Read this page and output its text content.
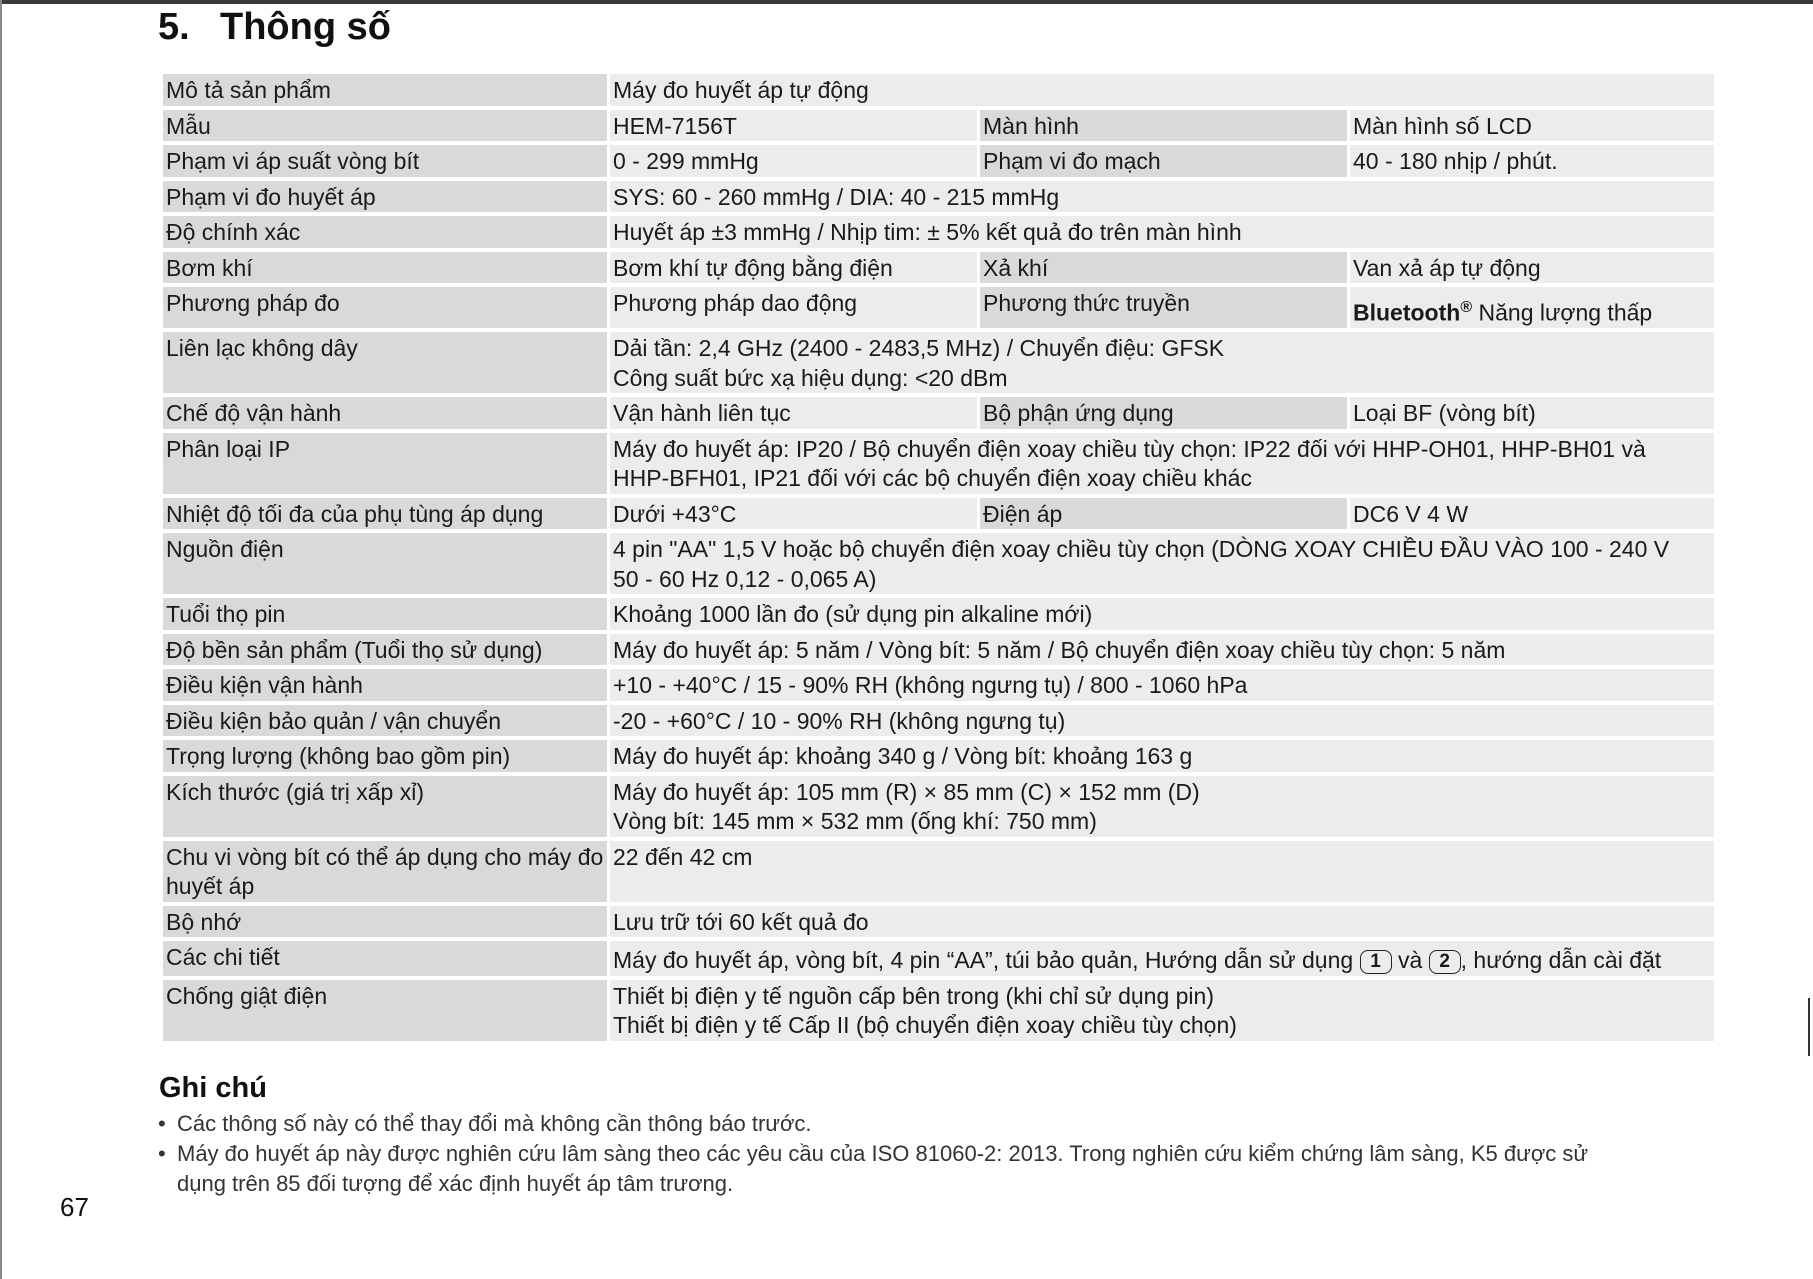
5. Thông số
Mô tả sản phẩm	Máy đo huyết áp tự động		
Mẫu	HEM-7156T	Màn hình	Màn hình số LCD
Phạm vi áp suất vòng bít	0 - 299 mmHg	Phạm vi đo mạch	40 - 180 nhịp / phút.
Phạm vi đo huyết áp	SYS: 60 - 260 mmHg / DIA: 40 - 215 mmHg		
Độ chính xác	Huyết áp ±3 mmHg / Nhịp tim: ± 5% kết quả đo trên màn hình		
Bơm khí	Bơm khí tự động bằng điện	Xả khí	Van xả áp tự động
Phương pháp đo	Phương pháp dao động	Phương thức truyền	Bluetooth® Năng lượng thấp
Liên lạc không dây	Dải tần: 2,4 GHz (2400 - 2483,5 MHz) / Chuyển điệu: GFSK
Công suất bức xạ hiệu dụng: <20 dBm		

Chế độ vận hành	Vận hành liên tục	Bộ phận ứng dụng	Loại BF (vòng bít)
Phân loại IP	Máy đo huyết áp: IP20 / Bộ chuyển điện xoay chiều tùy chọn: IP22 đối với HHP-OH01, HHP-BH01 và
HHP-BFH01, IP21 đối với các bộ chuyển điện xoay chiều khác		

Nhiệt độ tối đa của phụ tùng áp dụng	Dưới +43°C	Điện áp	DC6 V 4 W
Nguồn điện	4 pin "AA" 1,5 V hoặc bộ chuyển điện xoay chiều tùy chọn (DÒNG XOAY CHIỀU ĐẦU VÀO 100 - 240 V
50 - 60 Hz 0,12 - 0,065 A)		

Tuổi thọ pin	Khoảng 1000 lần đo (sử dụng pin alkaline mới)		
Độ bền sản phẩm (Tuổi thọ sử dụng)	Máy đo huyết áp: 5 năm / Vòng bít: 5 năm / Bộ chuyển điện xoay chiều tùy chọn: 5 năm		
Điều kiện vận hành	+10 - +40°C / 15 - 90% RH (không ngưng tụ) / 800 - 1060 hPa		
Điều kiện bảo quản / vận chuyển	-20 - +60°C / 10 - 90% RH (không ngưng tụ)		
Trọng lượng (không bao gồm pin)	Máy đo huyết áp: khoảng 340 g / Vòng bít: khoảng 163 g		
Kích thước (giá trị xấp xỉ)	Máy đo huyết áp: 105 mm (R) × 85 mm (C) × 152 mm (D)
Vòng bít: 145 mm × 532 mm (ống khí: 750 mm)		

Chu vi vòng bít có thể áp dụng cho máy đo
huyết áp	22 đến 42 cm		
Bộ nhớ	Lưu trữ tới 60 kết quả đo		
Các chi tiết	Máy đo huyết áp, vòng bít, 4 pin “AA”, túi bảo quản, Hướng dẫn sử dụng 1 và 2 , hướng dẫn cài đặt		
Chống giật điện	Thiết bị điện y tế nguồn cấp bên trong (khi chỉ sử dụng pin)
Thiết bị điện y tế Cấp II (bộ chuyển điện xoay chiều tùy chọn)		
Ghi chú
• Các thông số này có thể thay đổi mà không cần thông báo trước.
• Máy đo huyết áp này được nghiên cứu lâm sàng theo các yêu cầu của ISO 81060-2: 2013. Trong nghiên cứu kiểm chứng lâm sàng, K5 được sử
dụng trên 85 đối tượng để xác định huyết áp tâm trương.
67
